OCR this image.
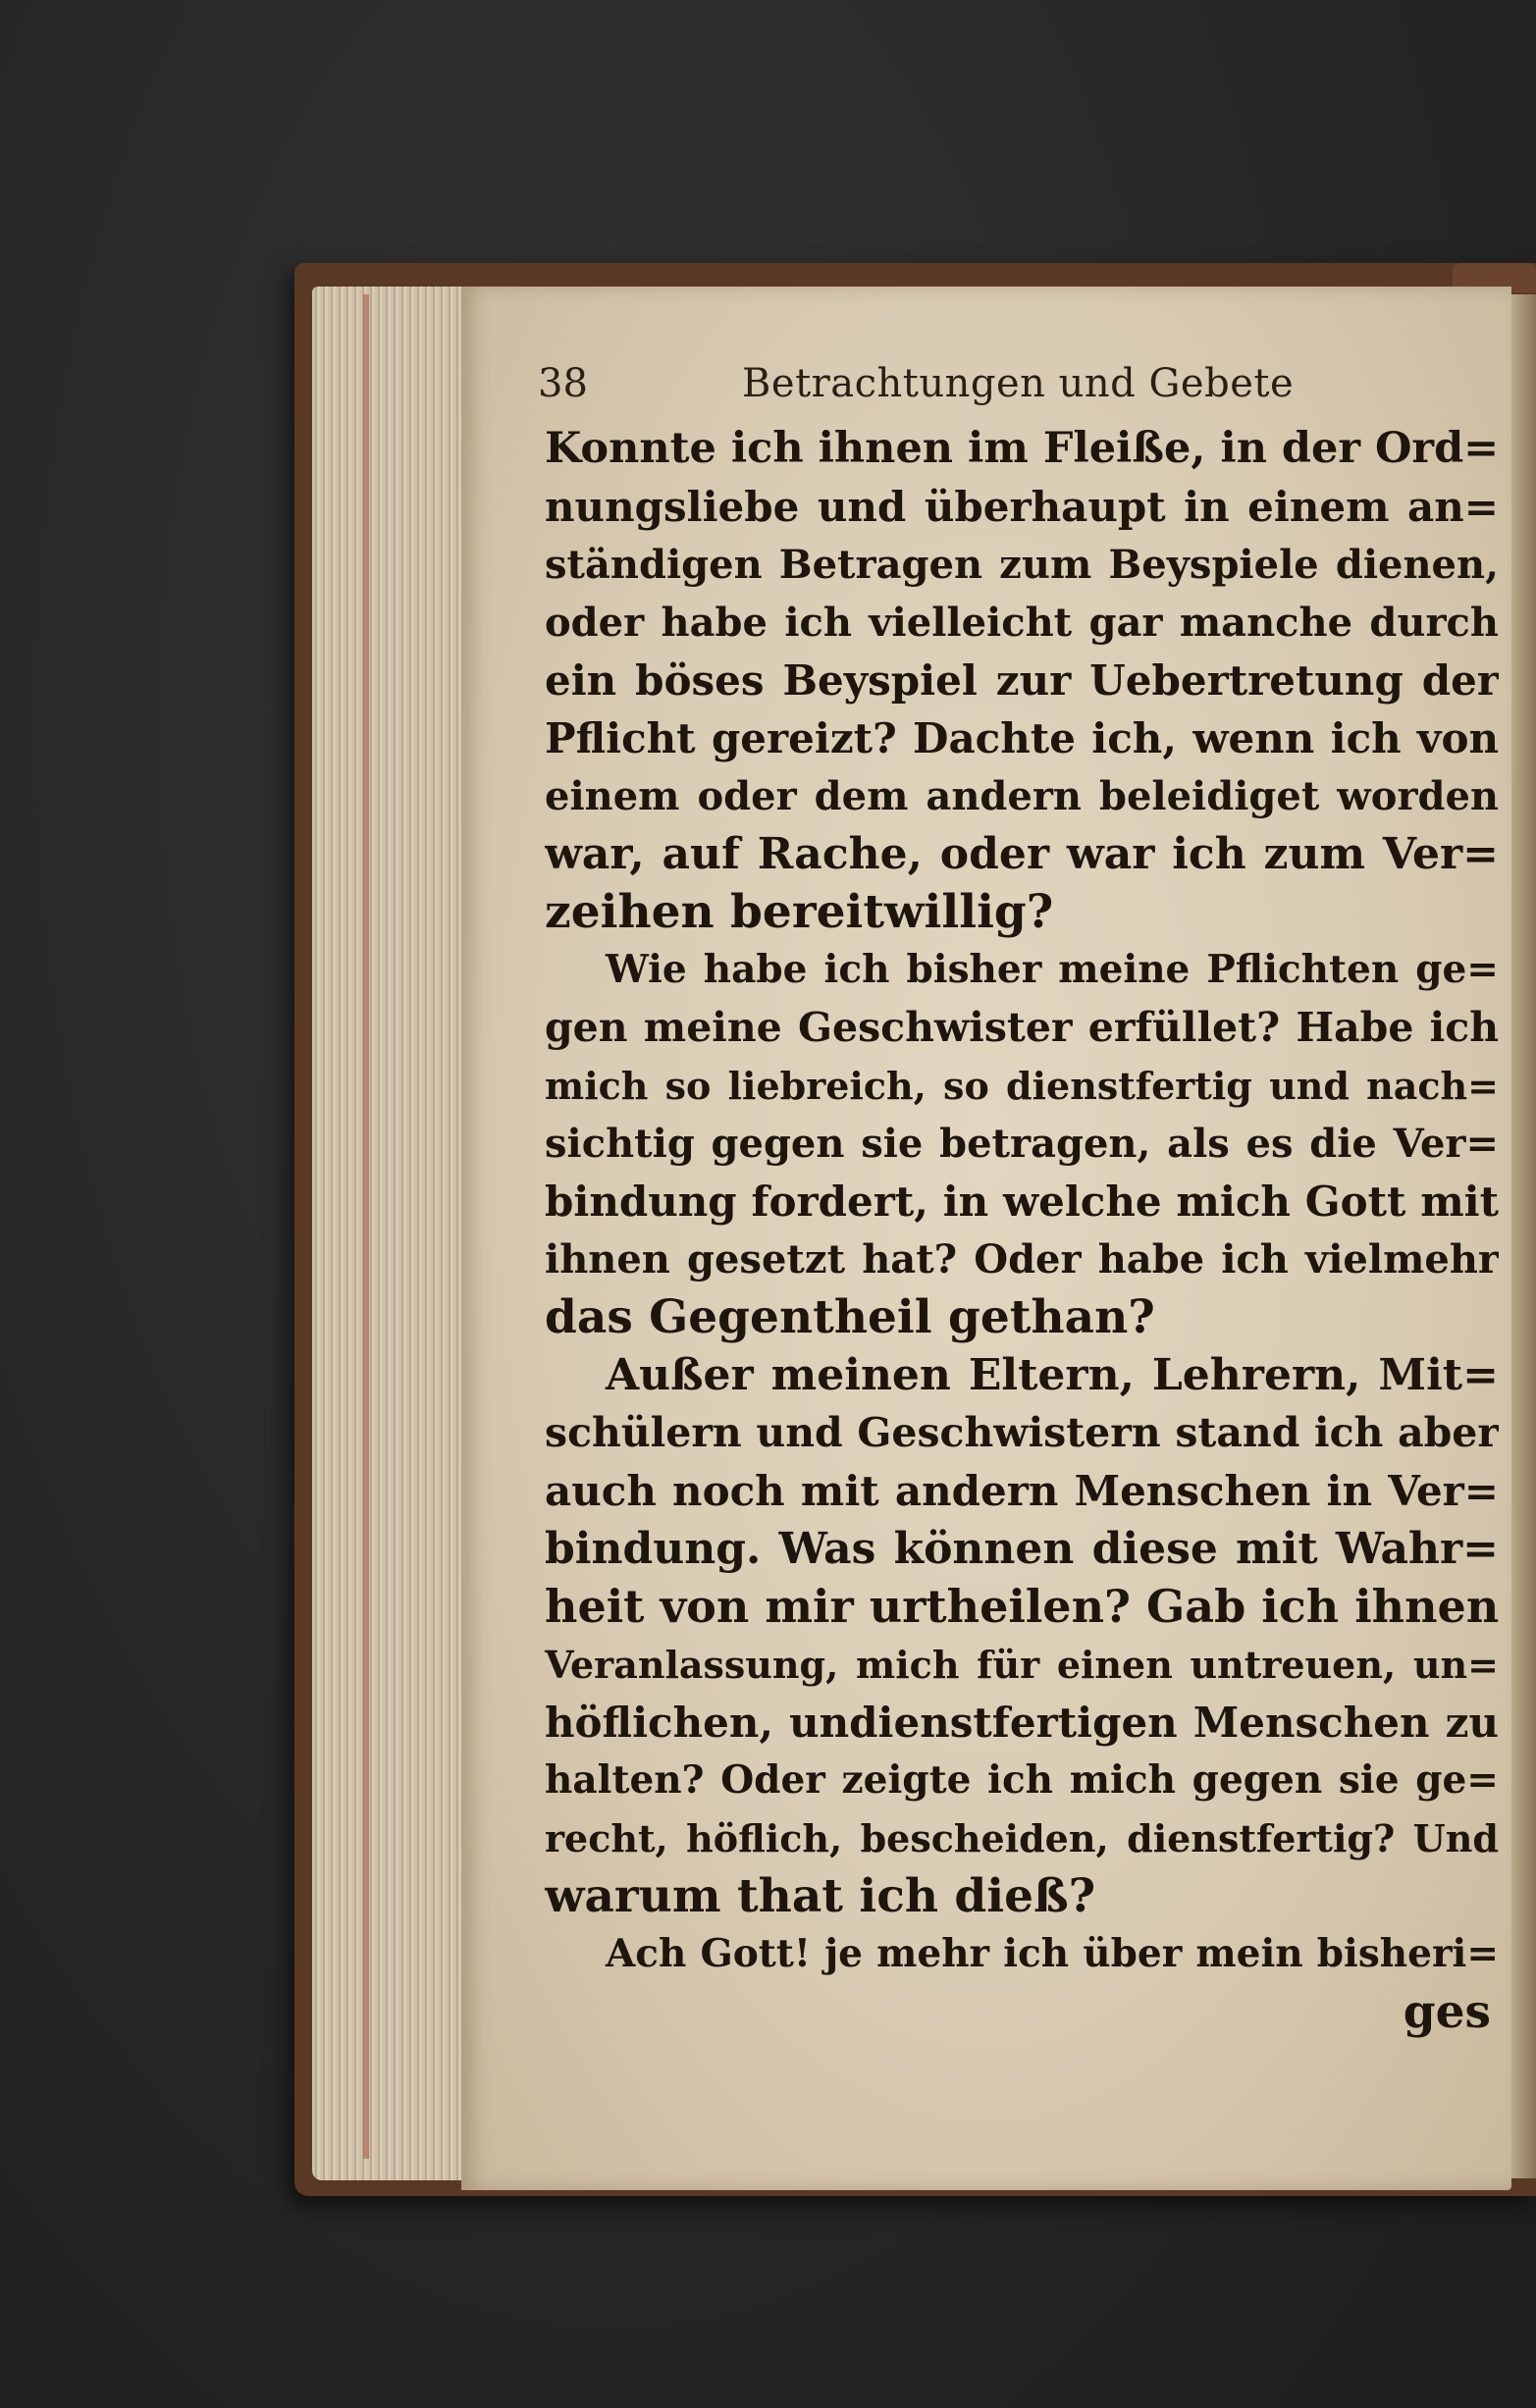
38	Betrachtungen und Gebete
Konnte ich ihnen im Fleiße, in der Ord=
nungsliebe und überhaupt in einem an=
ständigen Betragen zum Beyspiele dienen,
oder habe ich vielleicht gar manche durch
ein böses Beyspiel zur Uebertretung der
Pflicht gereizt? Dachte ich, wenn ich von
einem oder dem andern beleidiget worden
war, auf Rache, oder war ich zum Ver=
zeihen bereitwillig?
Wie habe ich bisher meine Pflichten ge=
gen meine Geschwister erfüllet? Habe ich
mich so liebreich, so dienstfertig und nach=
sichtig gegen sie betragen, als es die Ver=
bindung fordert, in welche mich Gott mit
ihnen gesetzt hat? Oder habe ich vielmehr
das Gegentheil gethan?
Außer meinen Eltern, Lehrern, Mit=
schülern und Geschwistern stand ich aber
auch noch mit andern Menschen in Ver=
bindung. Was können diese mit Wahr=
heit von mir urtheilen? Gab ich ihnen
Veranlassung, mich für einen untreuen, un=
höflichen, undienstfertigen Menschen zu
halten? Oder zeigte ich mich gegen sie ge=
recht, höflich, bescheiden, dienstfertig? Und
warum that ich dieß?
Ach Gott! je mehr ich über mein bisheri=
ges
